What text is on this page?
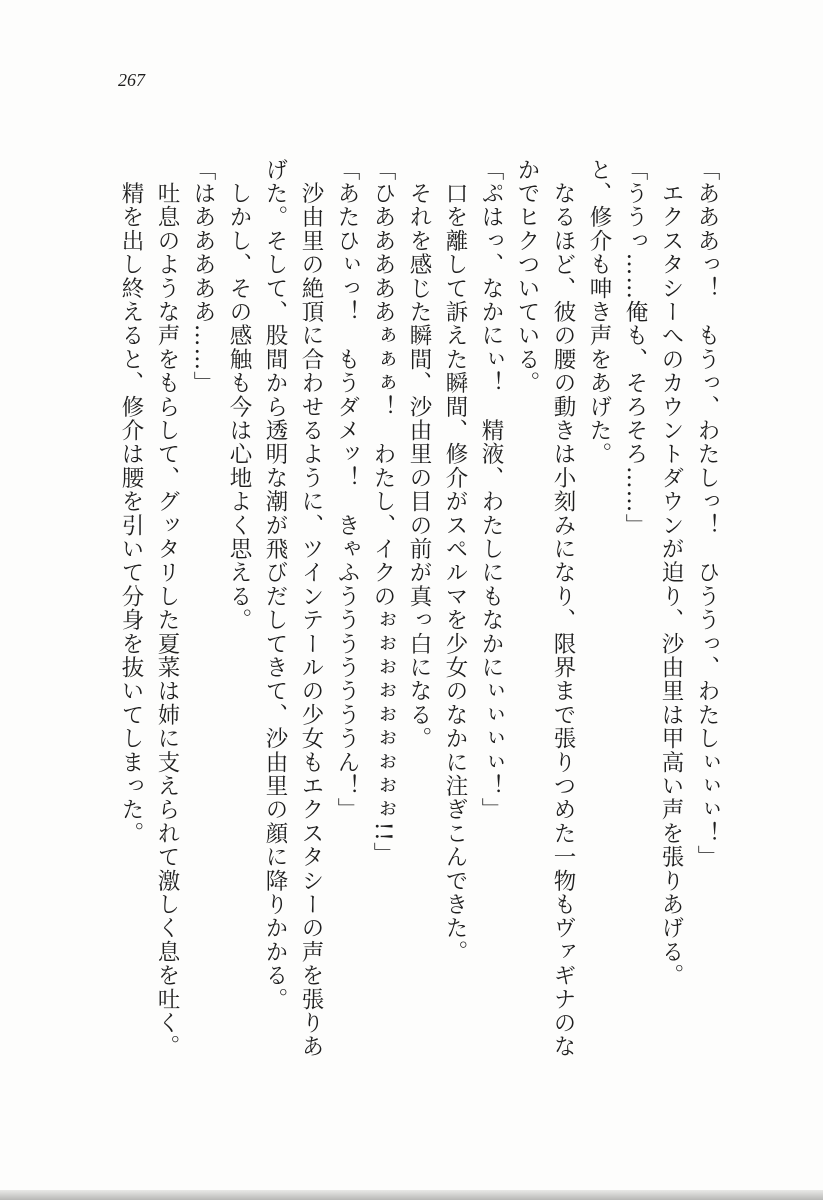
267
「あああっ！　もうっ、わたしっ！　ひううっ、わたしぃぃぃ！」
　エクスタシーへのカウントダウンが迫り、沙由里は甲高い声を張りあげる。
「ううっ……俺も、そろそろ……」
と、修介も呻き声をあげた。
　なるほど、彼の腰の動きは小刻みになり、限界まで張りつめた一物もヴァギナのな
かでヒクついている。
「ぷはっ、なかにぃ！　精液、わたしにもなかにぃぃぃぃ！」
　口を離して訴えた瞬間、修介がスペルマを少女のなかに注ぎこんできた。
　それを感じた瞬間、沙由里の目の前が真っ白になる。
「ひあああああぁぁぁ！　わたし、イクのぉぉぉぉぉぉぉぉぉ!!」
「あたひぃっ！　もうダメッ！　きゃふうううううううん！」
　沙由里の絶頂に合わせるように、ツインテールの少女もエクスタシーの声を張りあ
げた。そして、股間から透明な潮が飛びだしてきて、沙由里の顔に降りかかる。
　しかし、その感触も今は心地よく思える。
「はあああああ……」
　吐息のような声をもらして、グッタリした夏菜は姉に支えられて激しく息を吐く。
　精を出し終えると、修介は腰を引いて分身を抜いてしまった。
